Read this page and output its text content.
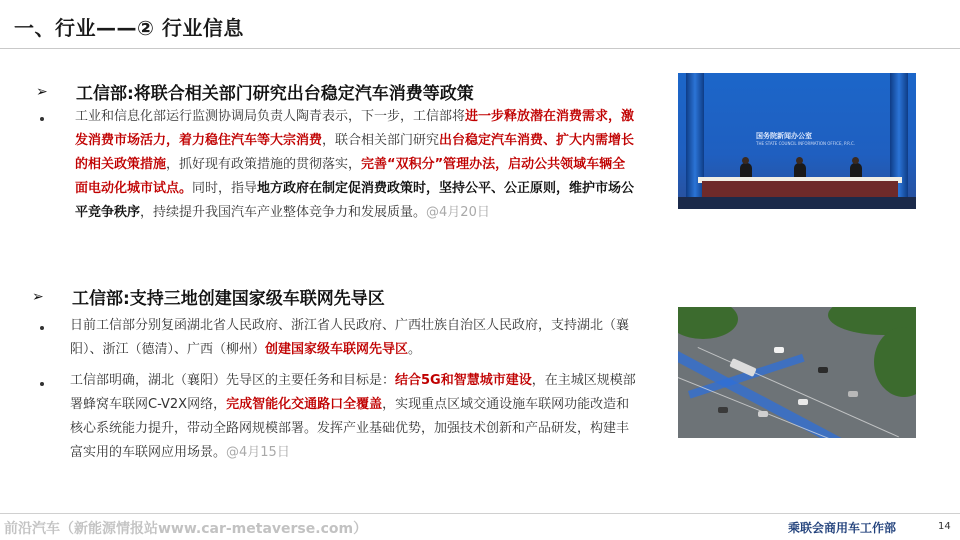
一、行业——② 行业信息
➢	工信部:将联合相关部门研究出台稳定汽车消费等政策
工业和信息化部运行监测协调局负责人陶青表示，下一步，工信部将进一步释放潜在消费需求，激发消费市场活力，着力稳住汽车等大宗消费，联合相关部门研究出台稳定汽车消费、扩大内需增长的相关政策措施，抓好现有政策措施的贯彻落实，完善“双积分”管理办法，启动公共领域车辆全面电动化城市试点。同时，指导地方政府在制定促消费政策时，坚持公平、公正原则，维护市场公平竞争秩序，持续提升我国汽车产业整体竞争力和发展质量。@4月20日
国务院新闻办公室
THE STATE COUNCIL INFORMATION OFFICE, P.R.C.
➢	工信部:支持三地创建国家级车联网先导区
日前工信部分别复函湖北省人民政府、浙江省人民政府、广西壮族自治区人民政府，支持湖北（襄阳）、浙江（德清）、广西（柳州）创建国家级车联网先导区。
工信部明确，湖北（襄阳）先导区的主要任务和目标是：结合5G和智慧城市建设，在主城区规模部署蜂窝车联网C-V2X网络，完成智能化交通路口全覆盖，实现重点区域交通设施车联网功能改造和核心系统能力提升，带动全路网规模部署。发挥产业基础优势，加强技术创新和产品研发，构建丰富实用的车联网应用场景。@4月15日
前沿汽车（新能源情报站www.car-metaverse.com）	乘联会商用车工作部	14
